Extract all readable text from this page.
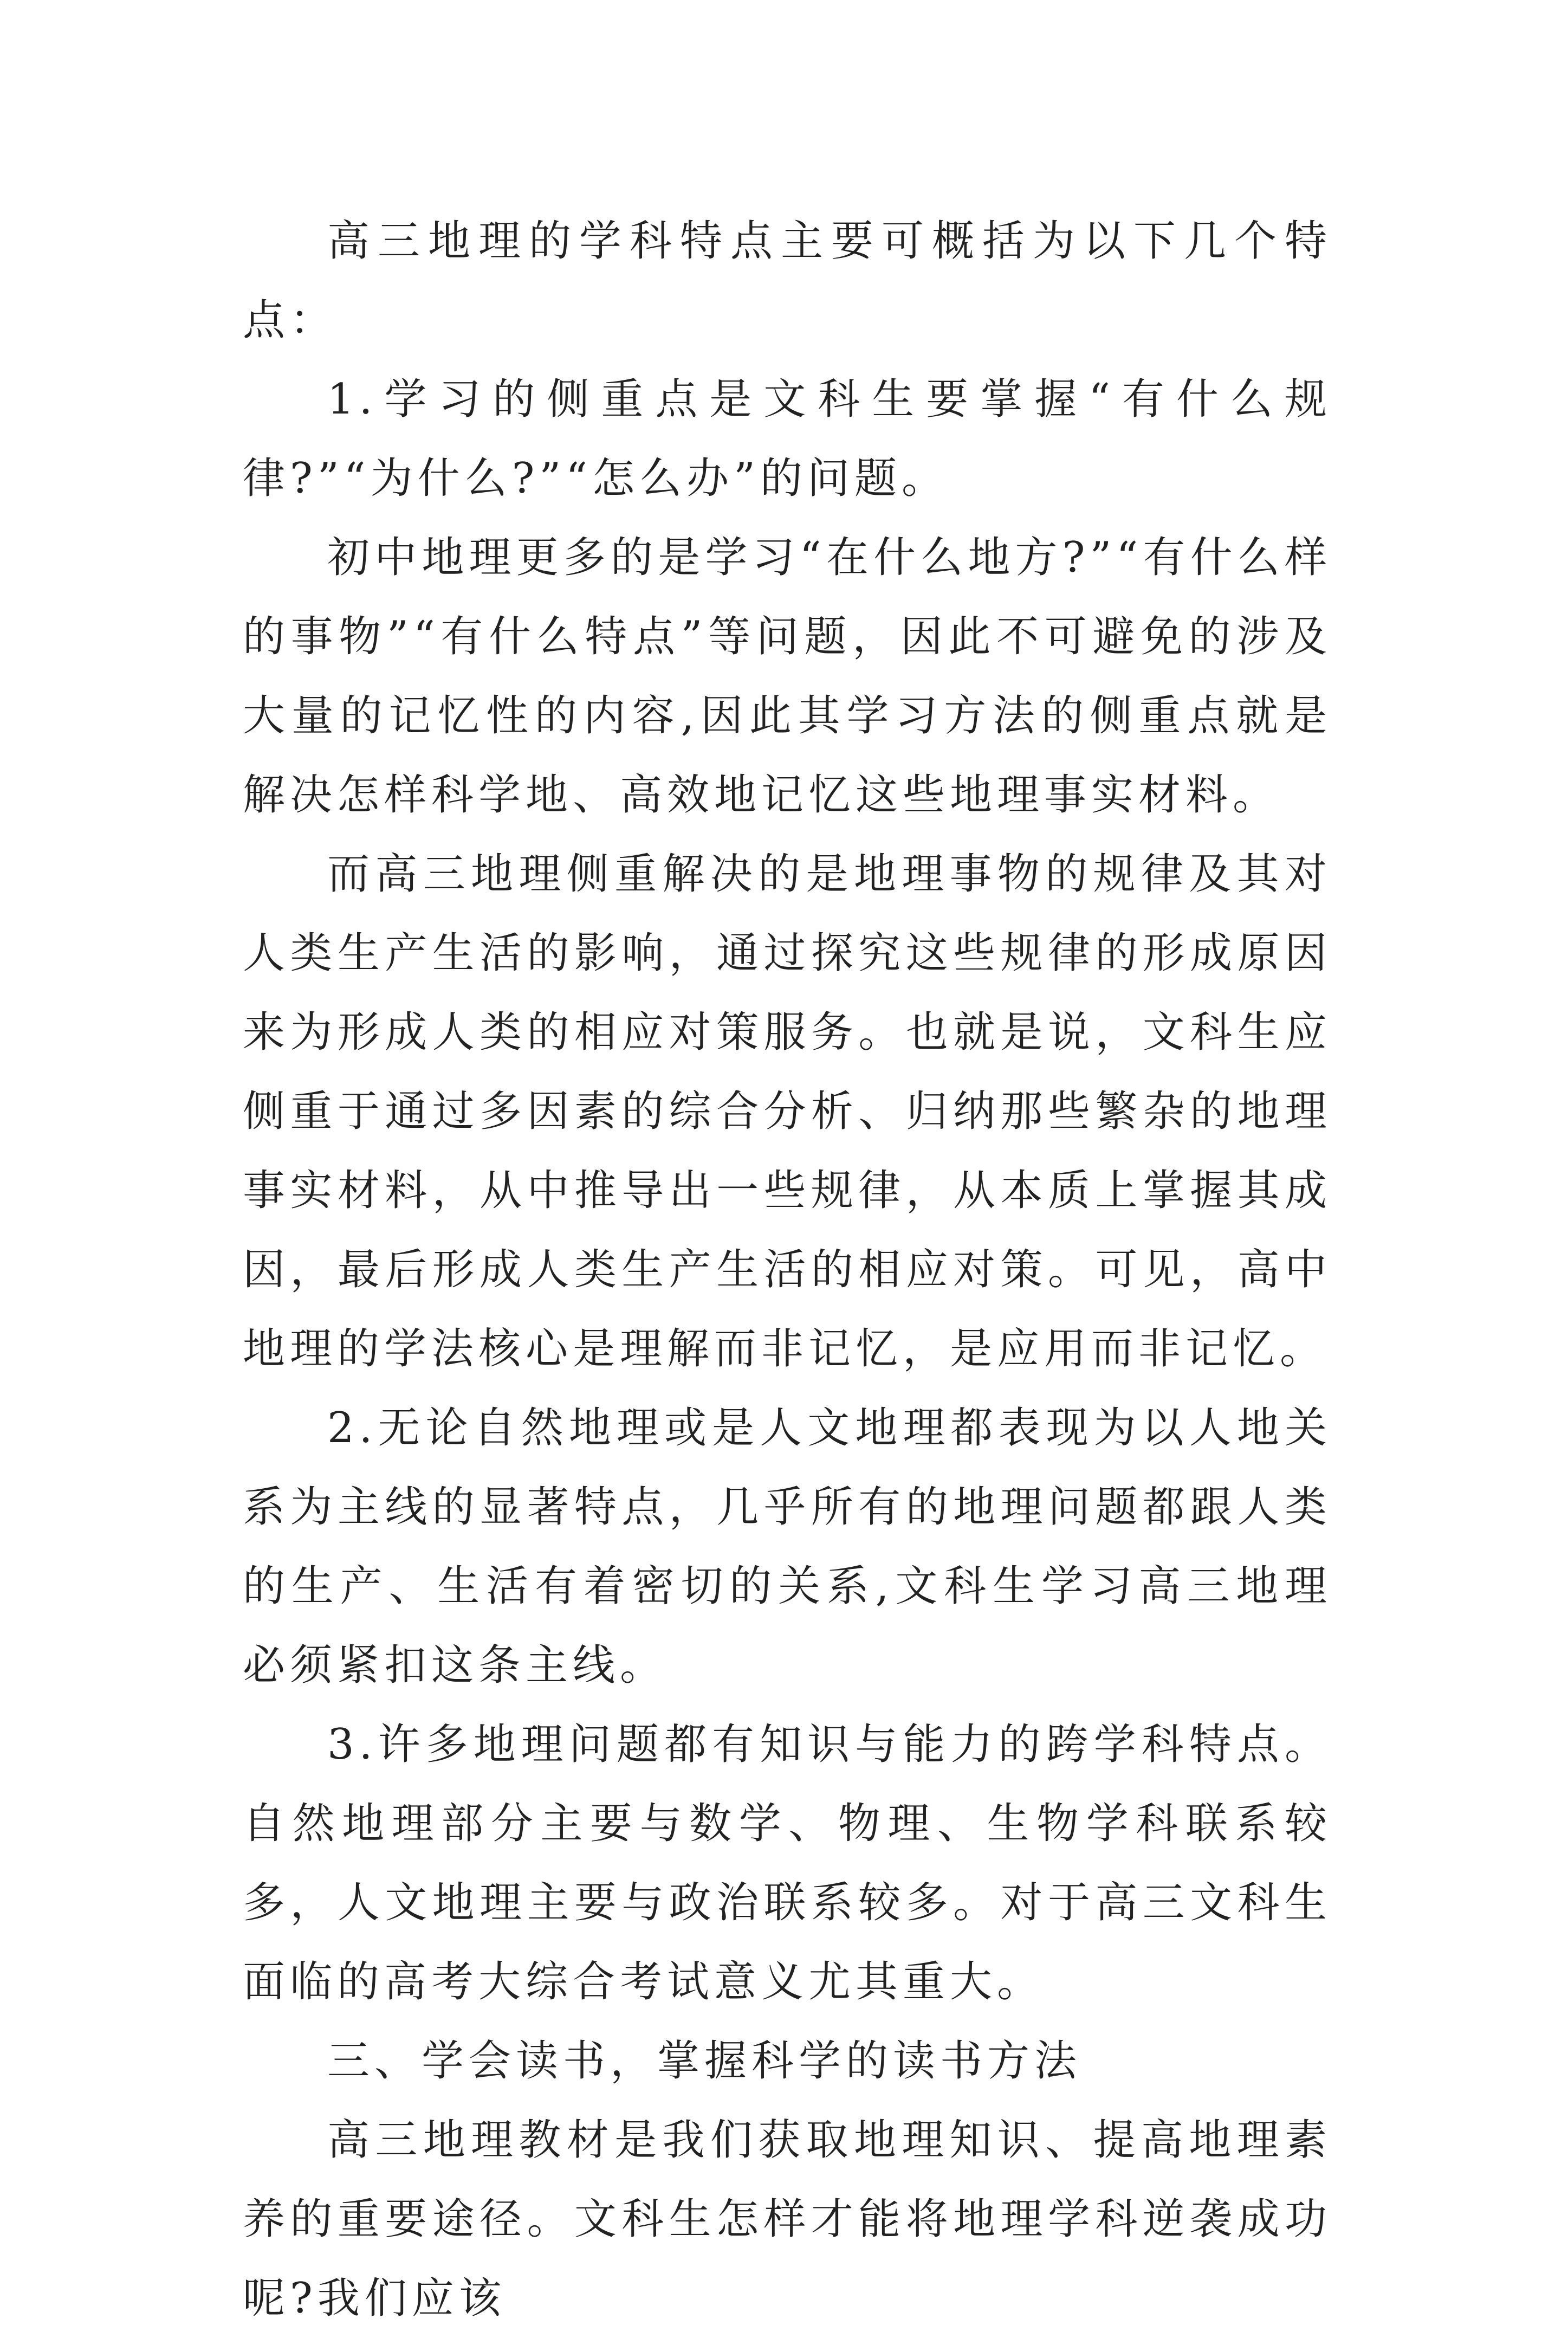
高三地理的学科特点主要可概括为以下几个特点：

1.学习的侧重点是文科生要掌握“有什么规律?”“为什么?”“怎么办”的问题。

初中地理更多的是学习“在什么地方?”“有什么样的事物”“有什么特点”等问题，因此不可避免的涉及大量的记忆性的内容,因此其学习方法的侧重点就是解决怎样科学地、高效地记忆这些地理事实材料。

而高三地理侧重解决的是地理事物的规律及其对人类生产生活的影响，通过探究这些规律的形成原因来为形成人类的相应对策服务。也就是说，文科生应侧重于通过多因素的综合分析、归纳那些繁杂的地理事实材料，从中推导出一些规律，从本质上掌握其成因，最后形成人类生产生活的相应对策。可见，高中地理的学法核心是理解而非记忆，是应用而非记忆。

2.无论自然地理或是人文地理都表现为以人地关系为主线的显著特点，几乎所有的地理问题都跟人类的生产、生活有着密切的关系,文科生学习高三地理必须紧扣这条主线。

3.许多地理问题都有知识与能力的跨学科特点。自然地理部分主要与数学、物理、生物学科联系较多，人文地理主要与政治联系较多。对于高三文科生面临的高考大综合考试意义尤其重大。

三、学会读书，掌握科学的读书方法

高三地理教材是我们获取地理知识、提高地理素养的重要途径。文科生怎样才能将地理学科逆袭成功呢?我们应该
